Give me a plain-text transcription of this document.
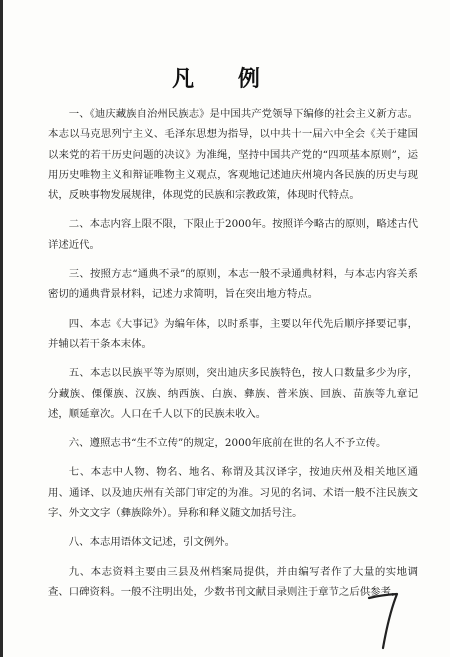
凡 例

一、《迪庆藏族自治州民族志》是中国共产党领导下编修的社会主义新方志。本志以马克思列宁主义、毛泽东思想为指导，以中共十一届六中全会《关于建国以来党的若干历史问题的决议》为准绳，坚持中国共产党的“四项基本原则”，运用历史唯物主义和辩证唯物主义观点，客观地记述迪庆州境内各民族的历史与现状，反映事物发展规律，体现党的民族和宗教政策，体现时代特点。

二、本志内容上限不限，下限止于2000年。按照详今略古的原则，略述古代详述近代。

三、按照方志“通典不录”的原则，本志一般不录通典材料，与本志内容关系密切的通典背景材料，记述力求简明，旨在突出地方特点。

四、本志《大事记》为编年体，以时系事，主要以年代先后顺序择要记事，并辅以若干条本末体。

五、本志以民族平等为原则，突出迪庆多民族特色，按人口数量多少为序，分藏族、傈僳族、汉族、纳西族、白族、彝族、普米族、回族、苗族等九章记述，顺延章次。人口在千人以下的民族未收入。

六、遵照志书“生不立传”的规定，2000年底前在世的名人不予立传。

七、本志中人物、物名、地名、称谓及其汉译字，按迪庆州及相关地区通用、通译、以及迪庆州有关部门审定的为准。习见的名词、术语一般不注民族文字、外文文字（彝族除外）。异称和释义随文加括号注。

八、本志用语体文记述，引文例外。

九、本志资料主要由三县及州档案局提供，并由编写者作了大量的实地调查、口碑资料。一般不注明出处，少数书刊文献目录则注于章节之后供参考。
